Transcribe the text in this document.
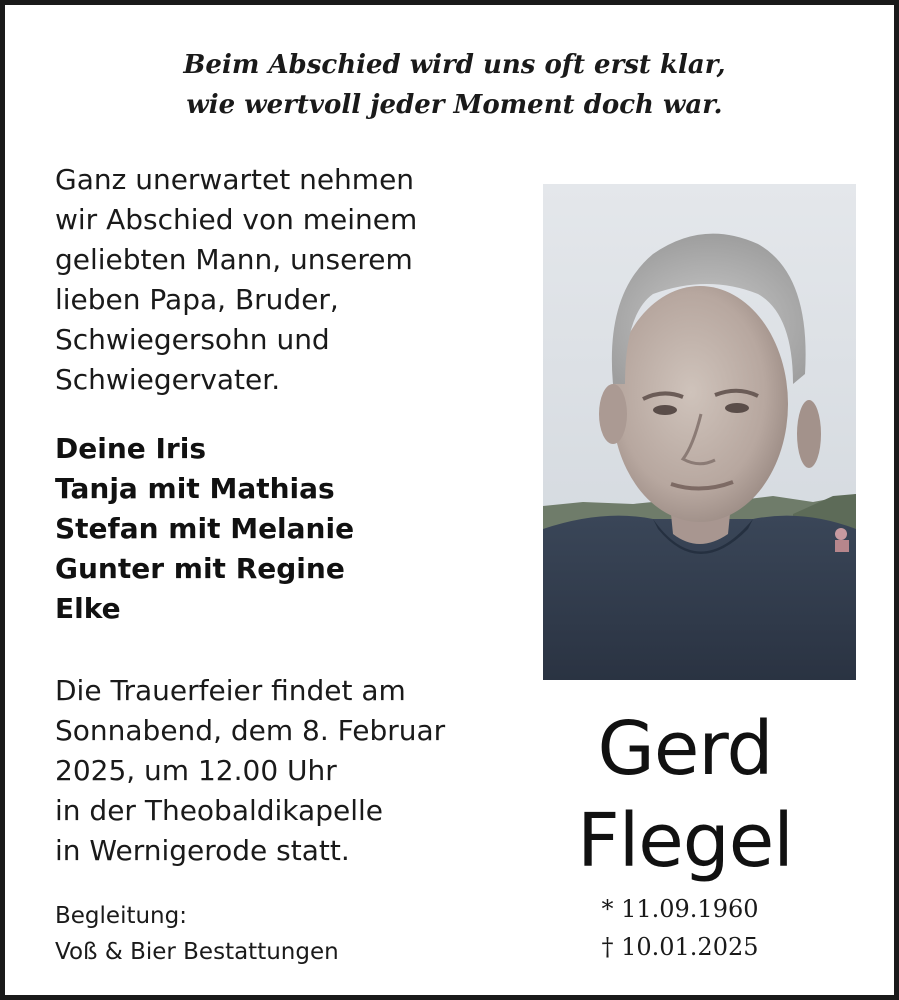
Beim Abschied wird uns oft erst klar,
wie wertvoll jeder Moment doch war.
Ganz unerwartet nehmen
wir Abschied von meinem
geliebten Mann, unserem
lieben Papa, Bruder,
Schwiegersohn und
Schwiegervater.
Deine Iris
Tanja mit Mathias
Stefan mit Melanie
Gunter mit Regine
Elke
Die Trauerfeier findet am
Sonnabend, dem 8. Februar
2025, um 12.00 Uhr
in der Theobaldikapelle
in Wernigerode statt.
Begleitung:
Voß & Bier Bestattungen
Gerd
Flegel
* 11.09.1960
† 10.01.2025
